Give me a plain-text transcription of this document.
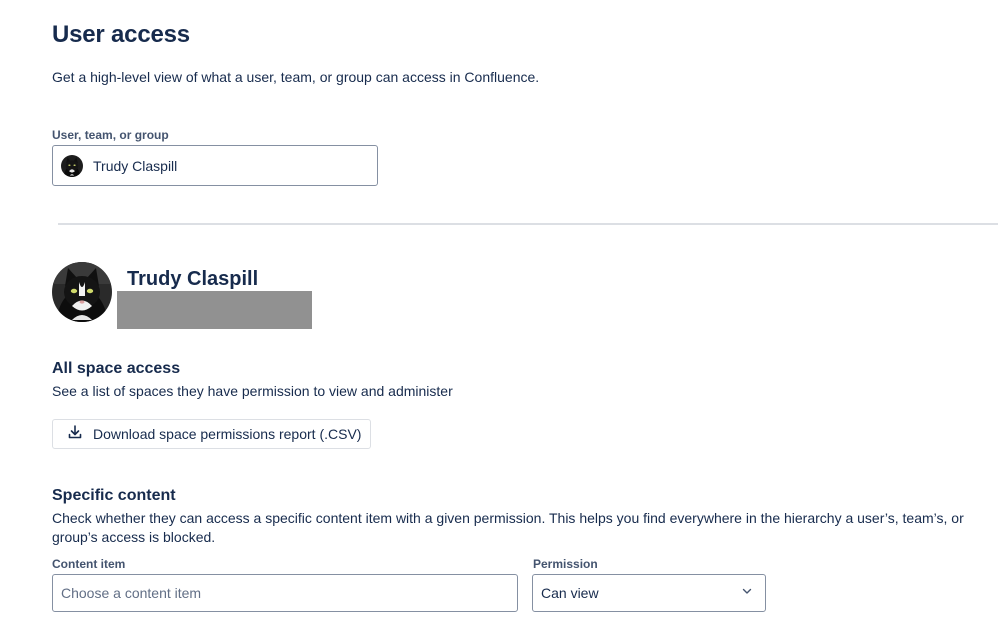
User access

Get a high-level view of what a user, team, or group can access in Confluence.

User, team, or group
Trudy Claspill
Trudy Claspill
All space access
See a list of spaces they have permission to view and administer
Download space permissions report (.CSV)
Specific content
Check whether they can access a specific content item with a given permission. This helps you find everywhere in the hierarchy a user’s, team’s, or
group’s access is blocked.
Content item
Choose a content item	Permission
Can view
